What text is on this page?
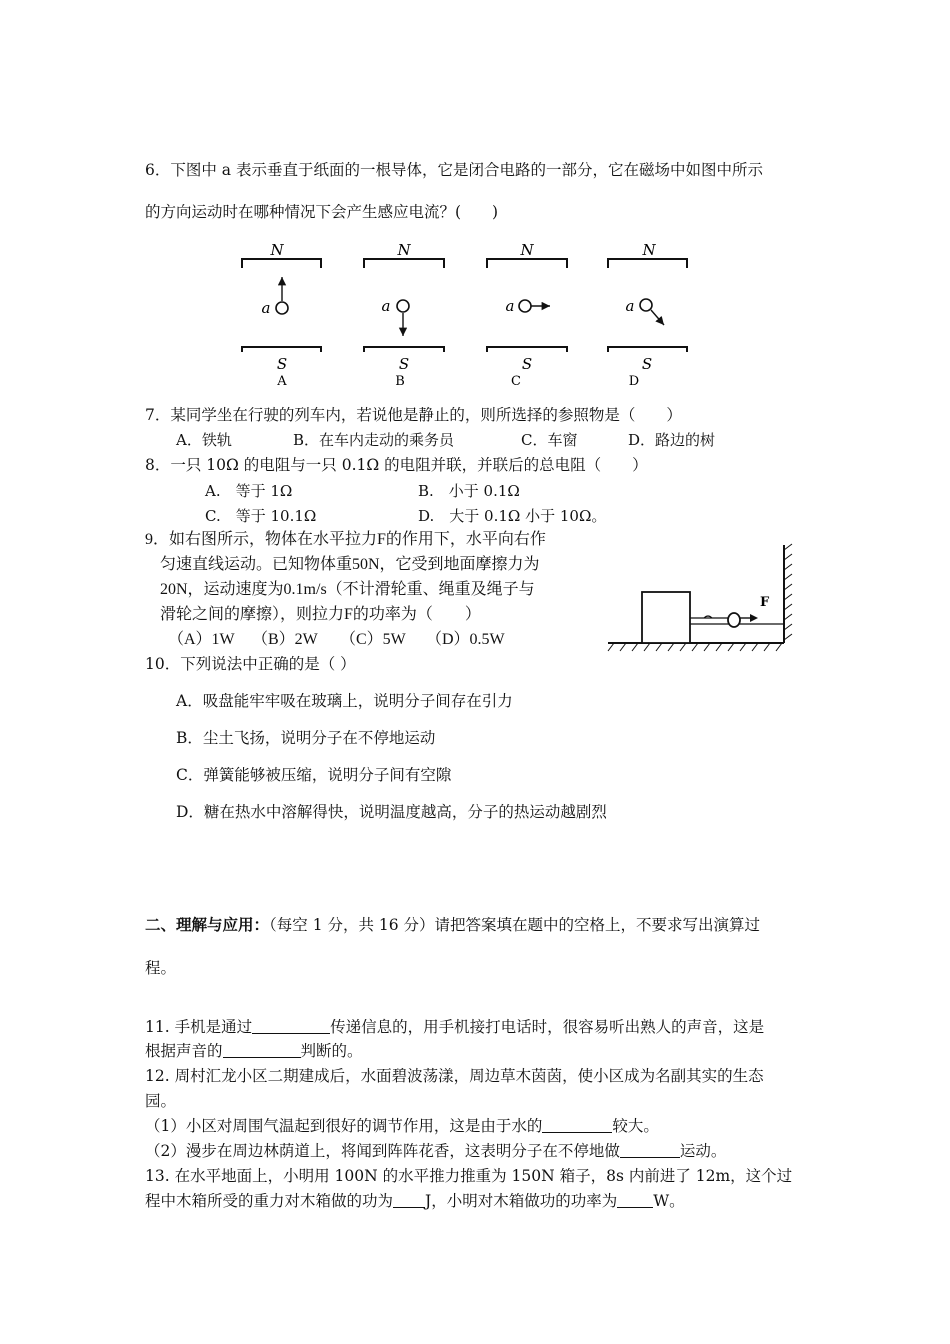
6．下图中 a 表示垂直于纸面的一根导体，它是闭合电路的一部分，它在磁场中如图中所示
的方向运动时在哪种情况下会产生感应电流？(　　)
N
a
S
A
N
a
S
B
N
a
S
C
N
a
S
D
7．某同学坐在行驶的列车内，若说他是静止的，则所选择的参照物是（　　）
A．铁轨	B．在车内走动的乘务员	C．车窗	D．路边的树
8．一只 10Ω 的电阻与一只 0.1Ω 的电阻并联，并联后的总电阻（　　）
A.　等于 1Ω	B.　小于 0.1Ω
C.　等于 10.1Ω	D.　大于 0.1Ω 小于 10Ω。
9．如右图所示，物体在水平拉力F的作用下，水平向右作
匀速直线运动。已知物体重50N，它受到地面摩擦力为
20N，运动速度为0.1m/s（不计滑轮重、绳重及绳子与
滑轮之间的摩擦），则拉力F的功率为（　　）
（A）1W （B）2W （C）5W （D）0.5W
F
10．下列说法中正确的是（ ）
A．吸盘能牢牢吸在玻璃上，说明分子间存在引力
B．尘土飞扬，说明分子在不停地运动
C．弹簧能够被压缩，说明分子间有空隙
D．糖在热水中溶解得快，说明温度越高，分子的热运动越剧烈
二、理解与应用：（每空 1 分，共 16 分）请把答案填在题中的空格上，不要求写出演算过
程。
11. 手机是通过	传递信息的，用手机接打电话时，很容易听出熟人的声音，这是
根据声音的	判断的。
12. 周村汇龙小区二期建成后，水面碧波荡漾，周边草木茵茵，使小区成为名副其实的生态
园。
（1）小区对周围气温起到很好的调节作用，这是由于水的	较大。
（2）漫步在周边林荫道上，将闻到阵阵花香，这表明分子在不停地做	运动。
13. 在水平地面上，小明用 100N 的水平推力推重为 150N 箱子，8s 内前进了 12m，这个过
程中木箱所受的重力对木箱做的功为 J，小明对木箱做功的功率为 W。
